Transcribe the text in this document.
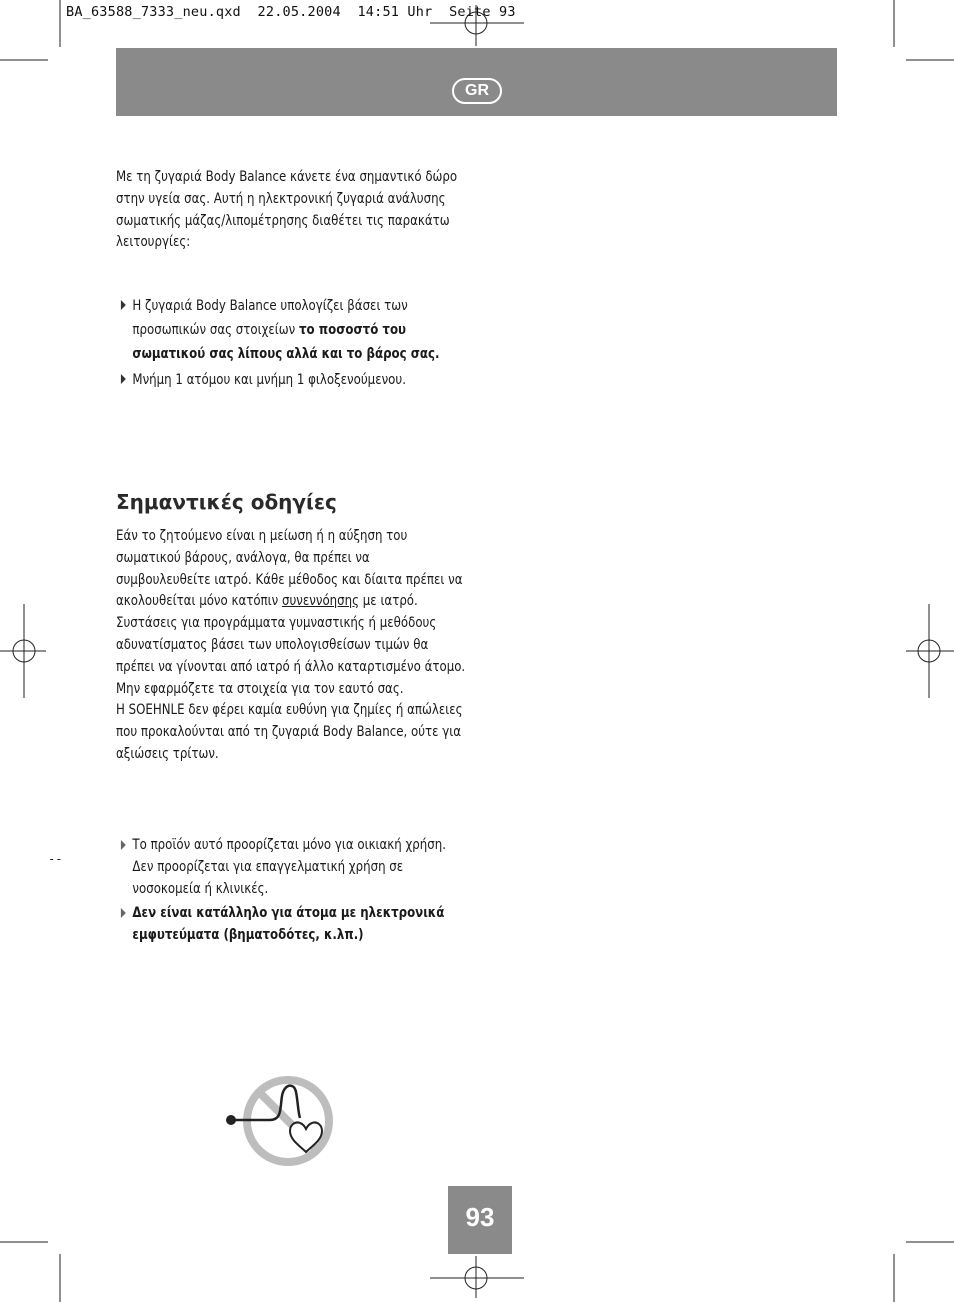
BA_63588_7333_neu.qxd  22.05.2004  14:51 Uhr  Seite 93
--
GR

Με τη ζυγαριά Body Balance κάνετε ένα σημαντικό δώρο στην υγεία σας. Αυτή η ηλεκτρονική ζυγαριά ανάλυσης σωματικής μάζας/λιπομέτρησης διαθέτει τις παρακάτω λειτουργίες:

Η ζυγαριά Body Balance υπολογίζει βάσει των προσωπικών σας στοιχείων το ποσοστό του σωματικού σας λίπους αλλά και το βάρος σας.
Μνήμη 1 ατόμου και μνήμη 1 φιλοξενούμενου.
Σημαντικές οδηγίες

Εάν το ζητούμενο είναι η μείωση ή η αύξηση του σωματικού βάρους, ανάλογα, θα πρέπει να συμβουλευθείτε ιατρό. Κάθε μέθοδος και δίαιτα πρέπει να ακολουθείται μόνο κατόπιν συνεννόησης με ιατρό.

Συστάσεις για προγράμματα γυμναστικής ή μεθόδους αδυνατίσματος βάσει των υπολογισθείσων τιμών θα πρέπει να γίνονται από ιατρό ή άλλο καταρτισμένο άτομο. Μην εφαρμόζετε τα στοιχεία για τον εαυτό σας.

Η SOEHNLE δεν φέρει καμία ευθύνη για ζημίες ή απώλειες που προκαλούνται από τη ζυγαριά Body Balance, ούτε για αξιώσεις τρίτων.

Το προϊόν αυτό προορίζεται μόνο για οικιακή χρήση. Δεν προορίζεται για επαγγελματική χρήση σε νοσοκομεία ή κλινικές.
Δεν είναι κατάλληλο για άτομα με ηλεκτρονικά εμφυτεύματα (βηματοδότες, κ.λπ.)
93
